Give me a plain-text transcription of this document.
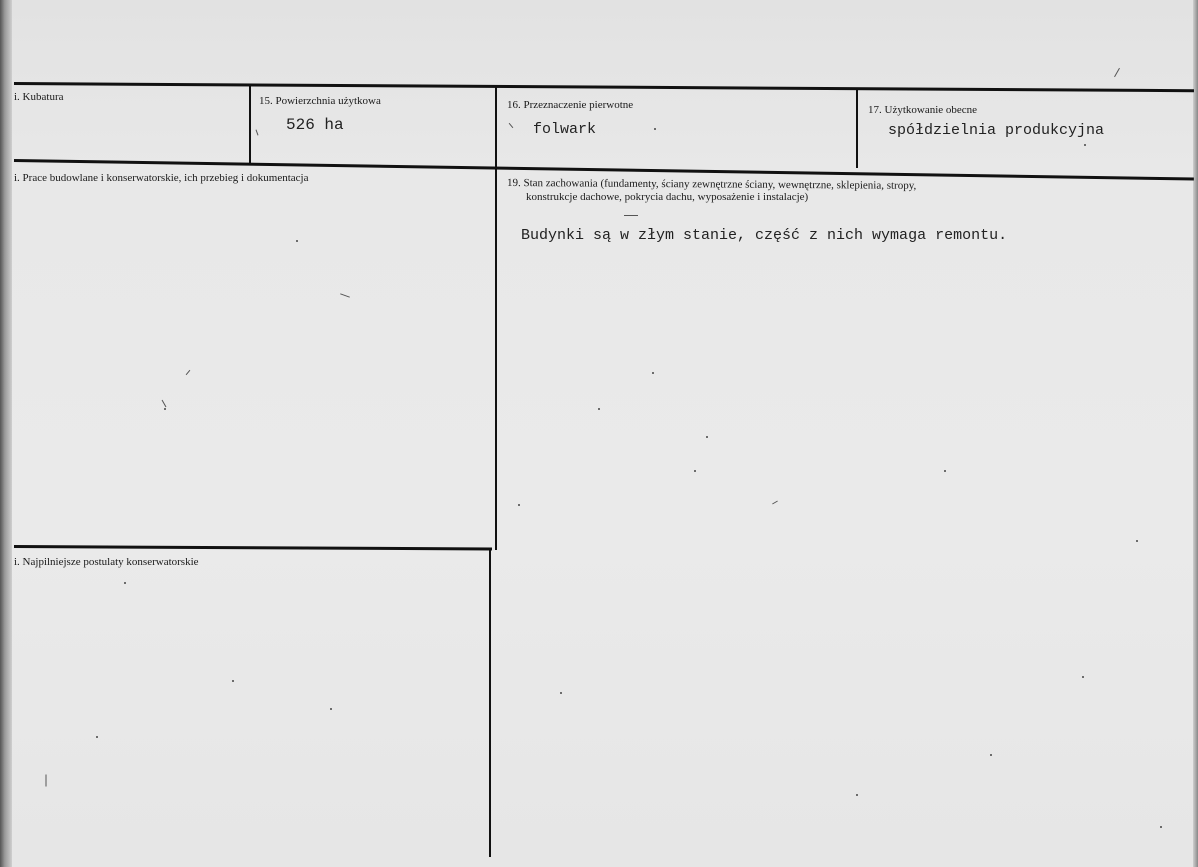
i. Kubatura	15. Powierzchnia użytkowa
526 ha
16. Przeznaczenie pierwotne
folwark
17. Użytkowanie obecne
spółdzielnia produkcyjna
i. Prace budowlane i konserwatorskie, ich przebieg i dokumentacja	19. Stan zachowania (fundamenty, ściany zewnętrzne ściany, wewnętrzne, sklepienia, stropy,
konstrukcje dachowe, pokrycia dachu, wyposażenie i instalacje)
Budynki są w złym stanie, część z nich wymaga remontu.
i. Najpilniejsze postulaty konserwatorskie
